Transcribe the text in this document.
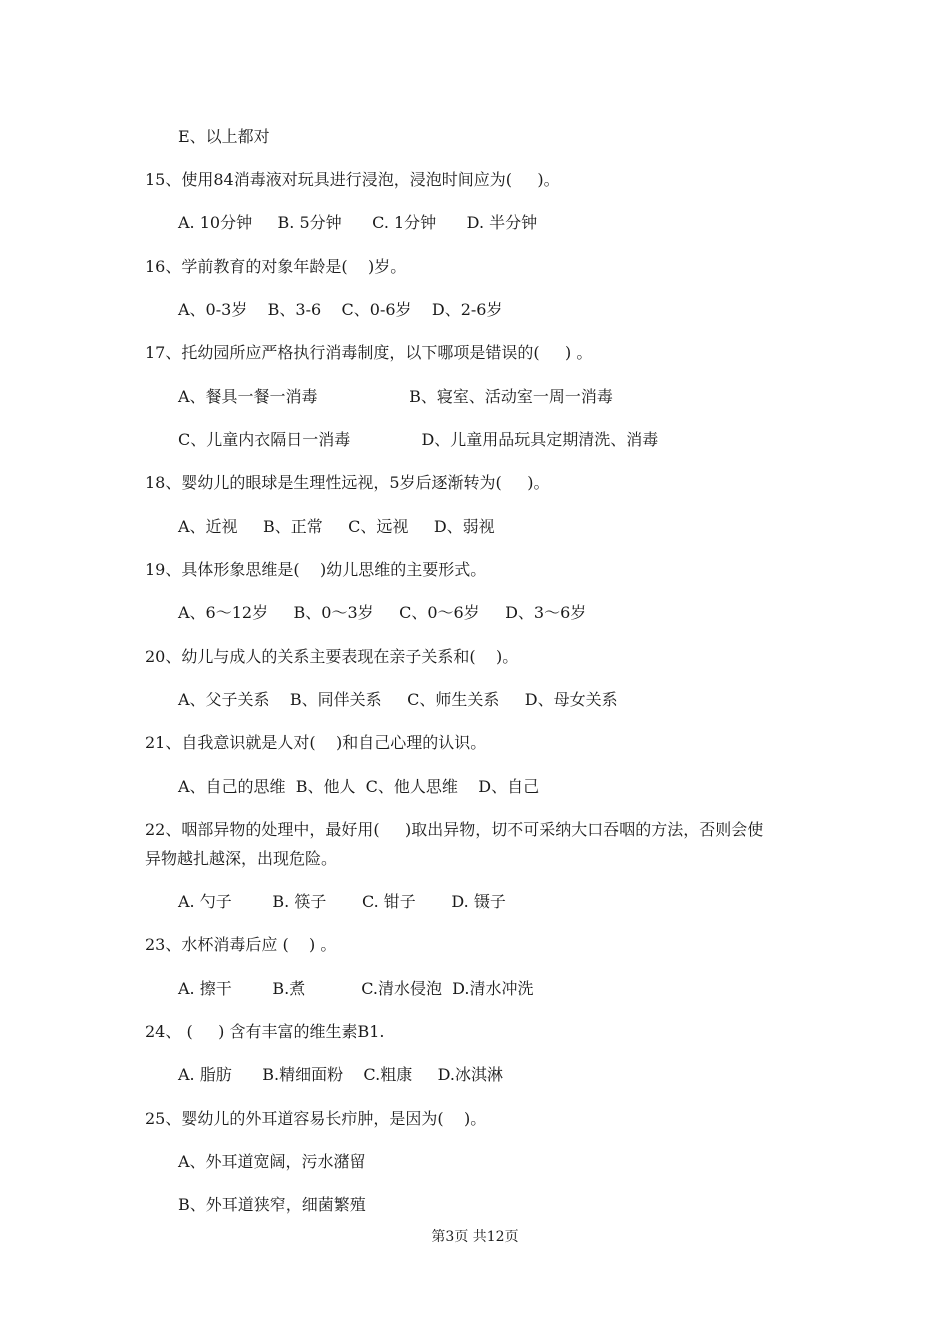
E、以上都对

15、使用84消毒液对玩具进行浸泡，浸泡时间应为(     )。

A. 10分钟     B. 5分钟      C. 1分钟      D. 半分钟

16、学前教育的对象年龄是(    )岁。

A、0-3岁    B、3-6    C、0-6岁    D、2-6岁

17、托幼园所应严格执行消毒制度，以下哪项是错误的(     ) 。

A、餐具一餐一消毒                  B、寝室、活动室一周一消毒

C、儿童内衣隔日一消毒              D、儿童用品玩具定期清洗、消毒

18、婴幼儿的眼球是生理性远视，5岁后逐渐转为(     )。

A、近视     B、正常     C、远视     D、弱视

19、具体形象思维是(    )幼儿思维的主要形式。

A、6～12岁     B、0～3岁     C、0～6岁     D、3～6岁

20、幼儿与成人的关系主要表现在亲子关系和(    )。

A、父子关系    B、同伴关系     C、师生关系     D、母女关系

21、自我意识就是人对(    )和自己心理的认识。

A、自己的思维  B、他人  C、他人思维    D、自己

22、咽部异物的处理中，最好用(     )取出异物，切不可采纳大口吞咽的方法，否则会使

异物越扎越深，出现危险。

A. 勺子        B. 筷子       C. 钳子       D. 镊子

23、水杯消毒后应 (    ) 。

A. 擦干        B.煮           C.清水侵泡  D.清水冲洗

24、 (     ) 含有丰富的维生素B1.

A. 脂肪      B.精细面粉    C.粗康     D.冰淇淋

25、婴幼儿的外耳道容易长疖肿，是因为(    )。

A、外耳道宽阔，污水潴留

B、外耳道狭窄，细菌繁殖

第3页 共12页
